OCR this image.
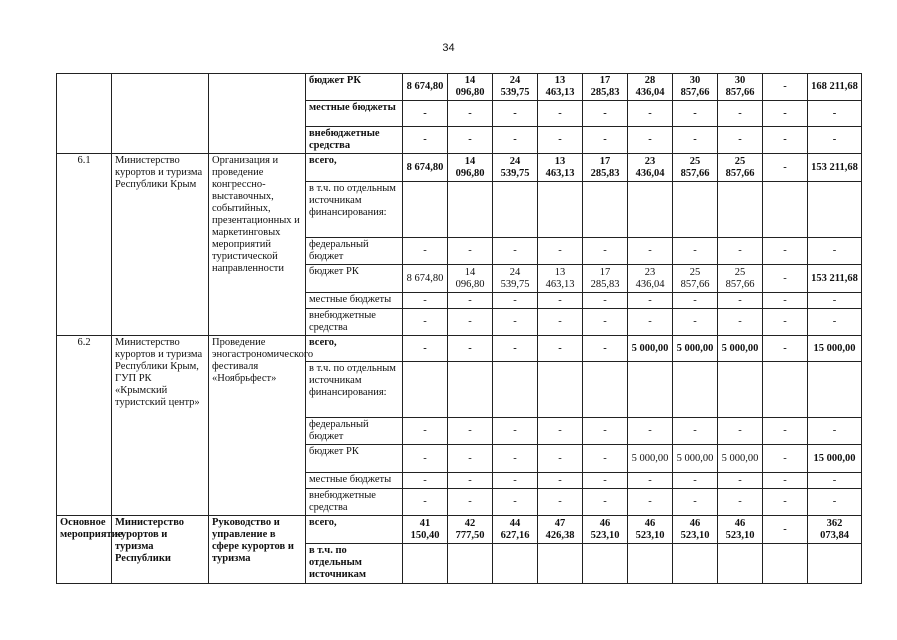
34
			бюджет РК	8 674,80	14 096,80	24 539,75	13 463,13	17 285,83	28 436,04	30 857,66	30 857,66	-	168 211,68
			местные бюджеты	-	-	-	-	-	-	-	-	-	-
			внебюджетные средства	-	-	-	-	-	-	-	-	-	-
6.1	Министерство курортов и туризма Республики Крым	Организация и проведение конгрессно-выставочных, событийных, презентационных и маркетинговых мероприятий туристической направленности	всего,	8 674,80	14 096,80	24 539,75	13 463,13	17 285,83	23 436,04	25 857,66	25 857,66	-	153 211,68
			в т.ч. по отдельным источникам финансирования:										
			федеральный бюджет	-	-	-	-	-	-	-	-	-	-
			бюджет РК	8 674,80	14 096,80	24 539,75	13 463,13	17 285,83	23 436,04	25 857,66	25 857,66	-	153 211,68
			местные бюджеты	-	-	-	-	-	-	-	-	-	-
			внебюджетные средства	-	-	-	-	-	-	-	-	-	-
6.2	Министерство курортов и туризма Республики Крым, ГУП РК «Крымский туристский центр»	Проведение эногастрономического фестиваля «Ноябрьфест»	всего,	-	-	-	-	-	5 000,00	5 000,00	5 000,00	-	15 000,00
			в т.ч. по отдельным источникам финансирования:										
			федеральный бюджет	-	-	-	-	-	-	-	-	-	-
			бюджет РК	-	-	-	-	-	5 000,00	5 000,00	5 000,00	-	15 000,00
			местные бюджеты	-	-	-	-	-	-	-	-	-	-
			внебюджетные средства	-	-	-	-	-	-	-	-	-	-
Основное мероприятие	Министерство курортов и туризма Республики	Руководство и управление в сфере курортов и туризма	всего,	41 150,40	42 777,50	44 627,16	47 426,38	46 523,10	46 523,10	46 523,10	46 523,10	-	362 073,84
			в т.ч. по отдельным источникам										
